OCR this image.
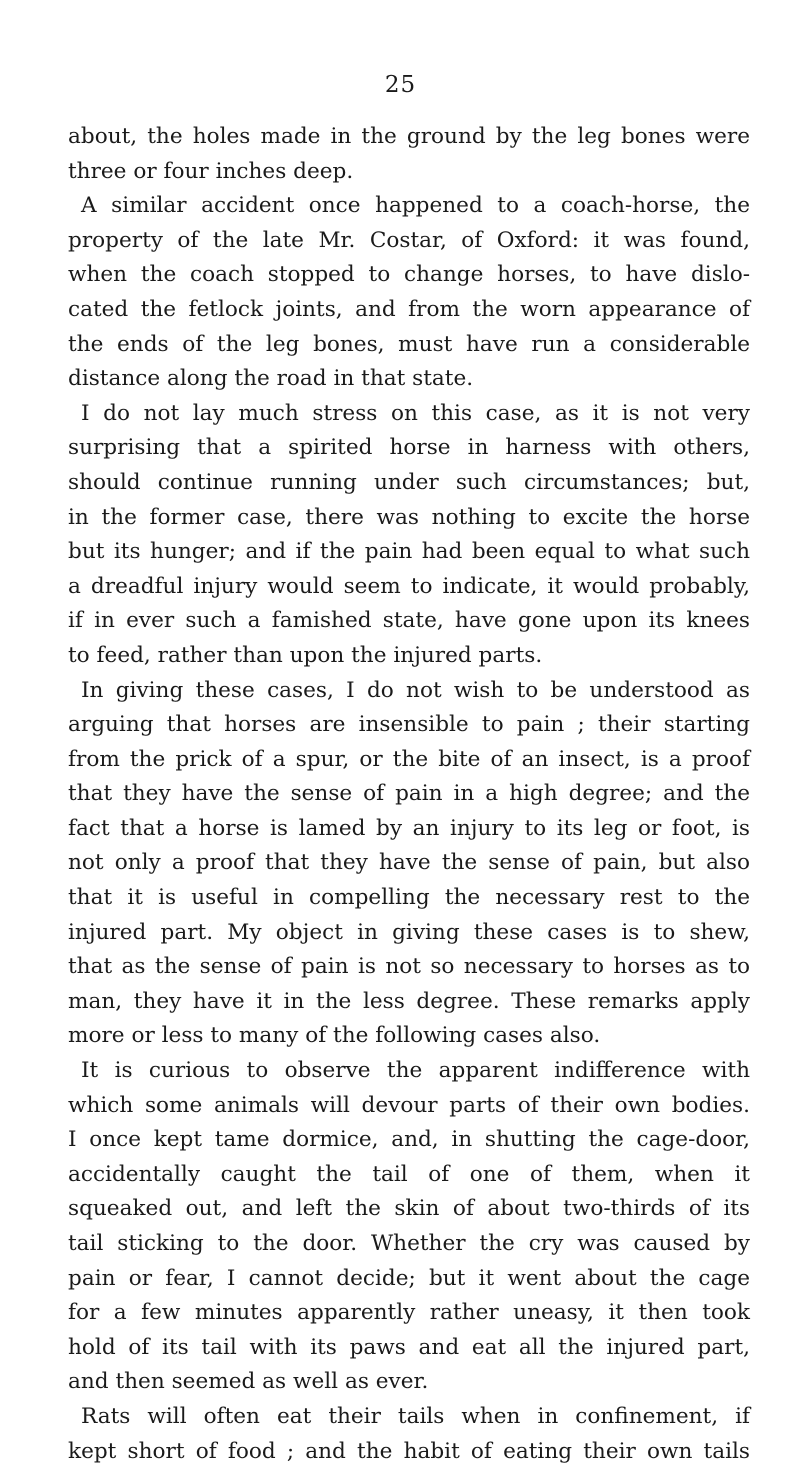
25
about, the holes made in the ground by the leg bones were
three or four inches deep.
A similar accident once happened to a coach-horse, the
property of the late Mr. Costar, of Oxford: it was found,
when the coach stopped to change horses, to have dislo-
cated the fetlock joints, and from the worn appearance of
the ends of the leg bones, must have run a considerable
distance along the road in that state.
I do not lay much stress on this case, as it is not very
surprising that a spirited horse in harness with others,
should continue running under such circumstances; but,
in the former case, there was nothing to excite the horse
but its hunger; and if the pain had been equal to what such
a dreadful injury would seem to indicate, it would probably,
if in ever such a famished state, have gone upon its knees
to feed, rather than upon the injured parts.
In giving these cases, I do not wish to be understood as
arguing that horses are insensible to pain ; their starting
from the prick of a spur, or the bite of an insect, is a proof
that they have the sense of pain in a high degree; and the
fact that a horse is lamed by an injury to its leg or foot, is
not only a proof that they have the sense of pain, but also
that it is useful in compelling the necessary rest to the
injured part. My object in giving these cases is to shew,
that as the sense of pain is not so necessary to horses as to
man, they have it in the less degree. These remarks apply
more or less to many of the following cases also.
It is curious to observe the apparent indifference with
which some animals will devour parts of their own bodies.
I once kept tame dormice, and, in shutting the cage-door,
accidentally caught the tail of one of them, when it
squeaked out, and left the skin of about two-thirds of its
tail sticking to the door. Whether the cry was caused by
pain or fear, I cannot decide; but it went about the cage
for a few minutes apparently rather uneasy, it then took
hold of its tail with its paws and eat all the injured part,
and then seemed as well as ever.
Rats will often eat their tails when in confinement, if
kept short of food ; and the habit of eating their own tails
